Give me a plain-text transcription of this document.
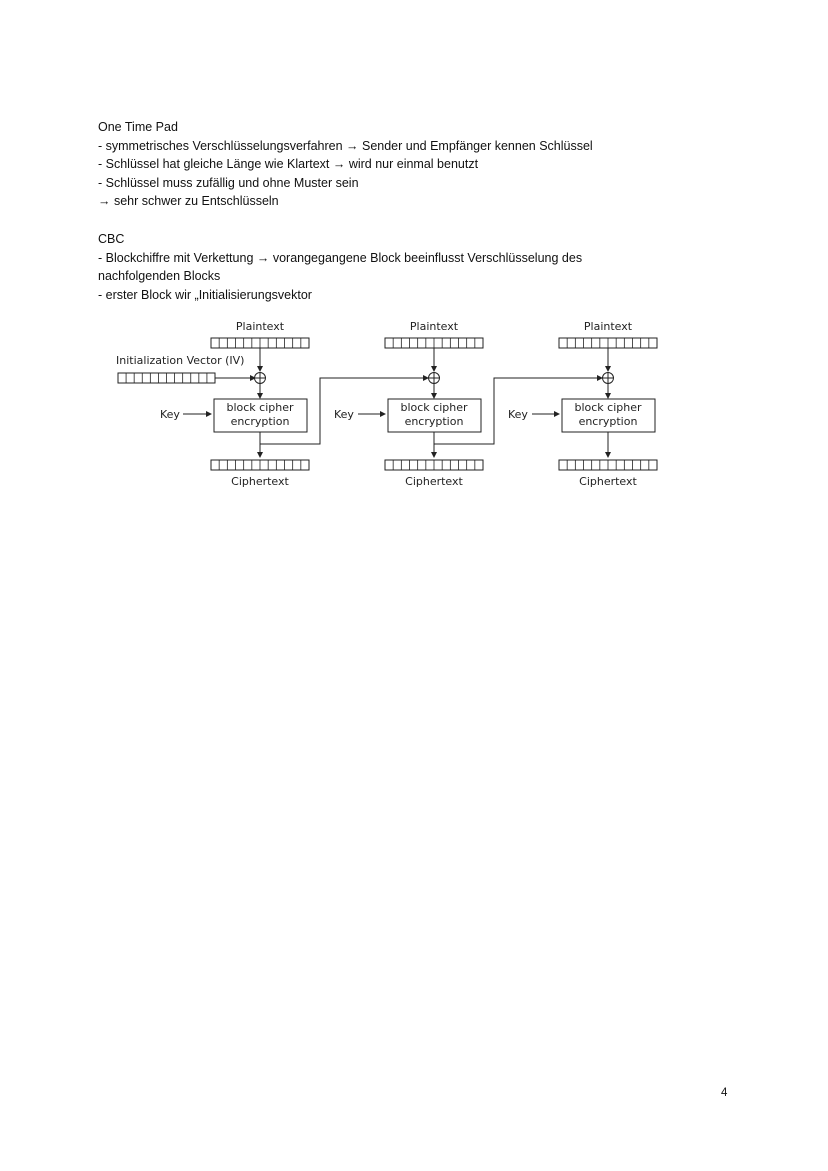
One Time Pad
- symmetrisches Verschlüsselungsverfahren → Sender und Empfänger kennen Schlüssel
- Schlüssel hat gleiche Länge wie Klartext → wird nur einmal benutzt
- Schlüssel muss zufällig und ohne Muster sein
→ sehr schwer zu Entschlüsseln
CBC
- Blockchiffre mit Verkettung → vorangegangene Block beeinflusst Verschlüsselung des nachfolgenden Blocks
- erster Block wir „Initialisierungsvektor
Initialization Vector (IV)
Plaintext
Key
block cipher
encryption
Ciphertext
Plaintext
Key
block cipher
encryption
Ciphertext
Plaintext
Key
block cipher
encryption
Ciphertext
4
